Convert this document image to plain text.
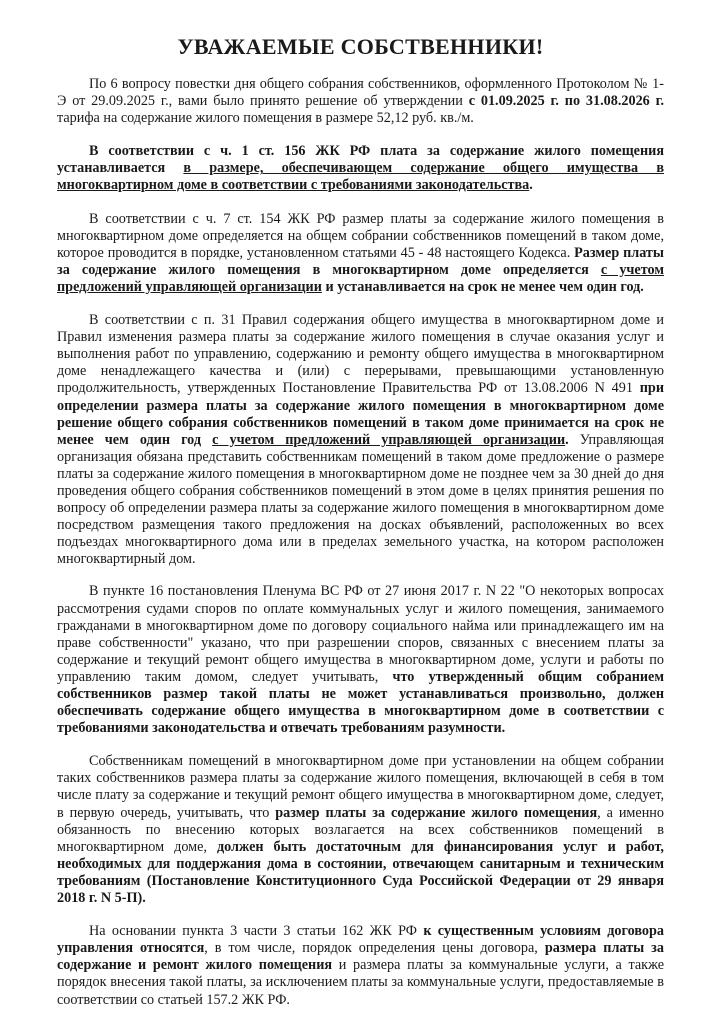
УВАЖАЕМЫЕ СОБСТВЕННИКИ!

По 6 вопросу повестки дня общего собрания собственников, оформленного Протоколом № 1-Э от 29.09.2025 г., вами было принято решение об утверждении с 01.09.2025 г. по 31.08.2026 г. тарифа на содержание жилого помещения в размере 52,12 руб. кв./м.

В соответствии с ч. 1 ст. 156 ЖК РФ плата за содержание жилого помещения устанавливается в размере, обеспечивающем содержание общего имущества в многоквартирном доме в соответствии с требованиями законодательства.

В соответствии с ч. 7 ст. 154 ЖК РФ размер платы за содержание жилого помещения в многоквартирном доме определяется на общем собрании собственников помещений в таком доме, которое проводится в порядке, установленном статьями 45 - 48 настоящего Кодекса. Размер платы за содержание жилого помещения в многоквартирном доме определяется с учетом предложений управляющей организации и устанавливается на срок не менее чем один год.

В соответствии с п. 31 Правил содержания общего имущества в многоквартирном доме и Правил изменения размера платы за содержание жилого помещения в случае оказания услуг и выполнения работ по управлению, содержанию и ремонту общего имущества в многоквартирном доме ненадлежащего качества и (или) с перерывами, превышающими установленную продолжительность, утвержденных Постановление Правительства РФ от 13.08.2006 N 491 при определении размера платы за содержание жилого помещения в многоквартирном доме решение общего собрания собственников помещений в таком доме принимается на срок не менее чем один год с учетом предложений управляющей организации. Управляющая организация обязана представить собственникам помещений в таком доме предложение о размере платы за содержание жилого помещения в многоквартирном доме не позднее чем за 30 дней до дня проведения общего собрания собственников помещений в этом доме в целях принятия решения по вопросу об определении размера платы за содержание жилого помещения в многоквартирном доме посредством размещения такого предложения на досках объявлений, расположенных во всех подъездах многоквартирного дома или в пределах земельного участка, на котором расположен многоквартирный дом.

В пункте 16 постановления Пленума ВС РФ от 27 июня 2017 г. N 22 "О некоторых вопросах рассмотрения судами споров по оплате коммунальных услуг и жилого помещения, занимаемого гражданами в многоквартирном доме по договору социального найма или принадлежащего им на праве собственности" указано, что при разрешении споров, связанных с внесением платы за содержание и текущий ремонт общего имущества в многоквартирном доме, услуги и работы по управлению таким домом, следует учитывать, что утвержденный общим собранием собственников размер такой платы не может устанавливаться произвольно, должен обеспечивать содержание общего имущества в многоквартирном доме в соответствии с требованиями законодательства и отвечать требованиям разумности.

Собственникам помещений в многоквартирном доме при установлении на общем собрании таких собственников размера платы за содержание жилого помещения, включающей в себя в том числе плату за содержание и текущий ремонт общего имущества в многоквартирном доме, следует, в первую очередь, учитывать, что размер платы за содержание жилого помещения, а именно обязанность по внесению которых возлагается на всех собственников помещений в многоквартирном доме, должен быть достаточным для финансирования услуг и работ, необходимых для поддержания дома в состоянии, отвечающем санитарным и техническим требованиям (Постановление Конституционного Суда Российской Федерации от 29 января 2018 г. N 5-П).

На основании пункта 3 части 3 статьи 162 ЖК РФ к существенным условиям договора управления относятся, в том числе, порядок определения цены договора, размера платы за содержание и ремонт жилого помещения и размера платы за коммунальные услуги, а также порядок внесения такой платы, за исключением платы за коммунальные услуги, предоставляемые в соответствии со статьей 157.2 ЖК РФ.
